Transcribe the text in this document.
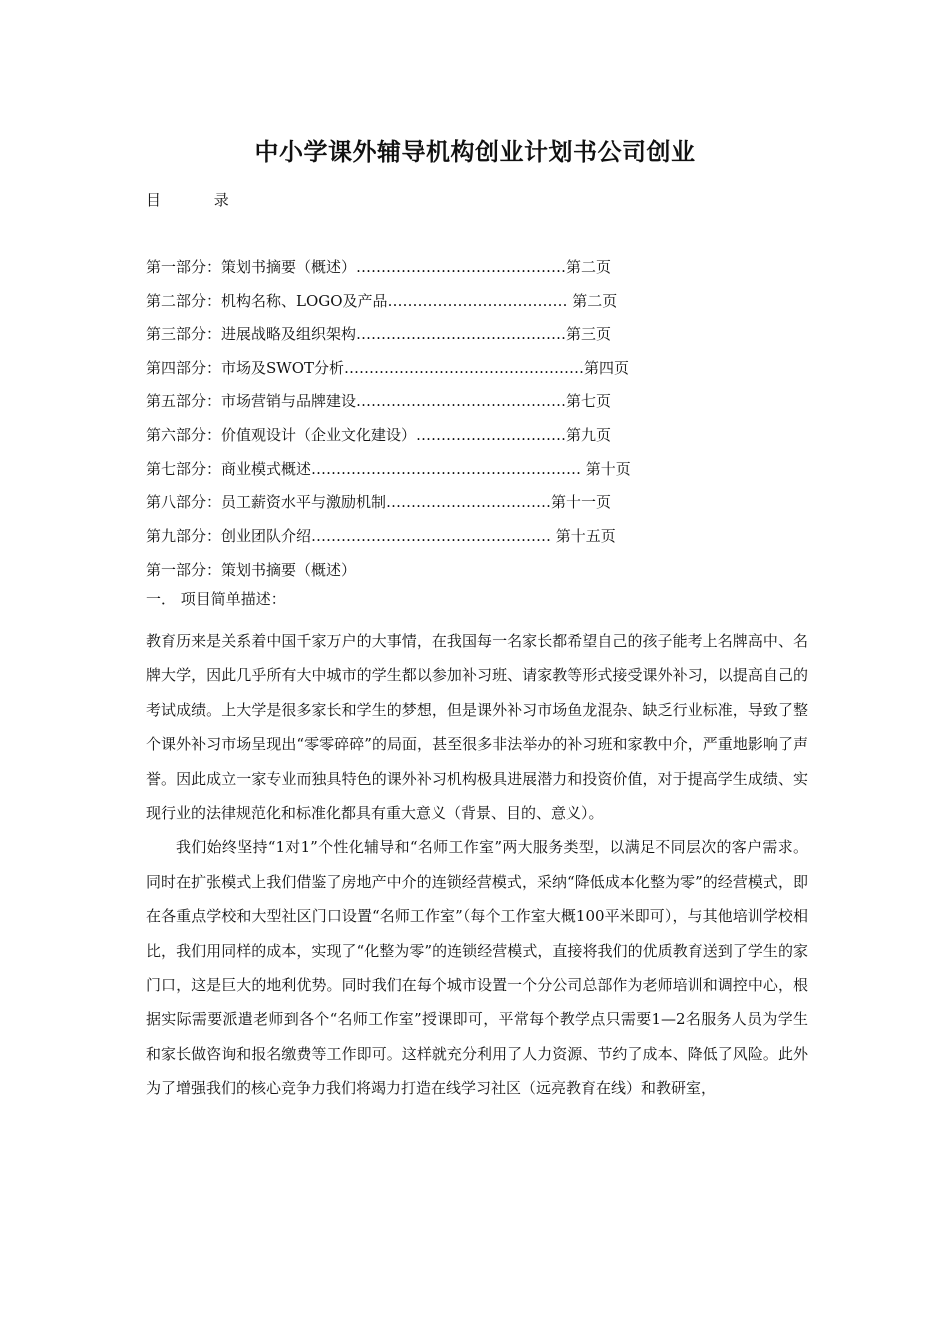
中小学课外辅导机构创业计划书公司创业
目 录
第一部分：策划书摘要（概述）……………………………………第二页
第二部分：机构名称、LOGO及产品……………………………… 第二页
第三部分：进展战略及组织架构……………………………………第三页
第四部分：市场及SWOT分析…………………………………………第四页
第五部分：市场营销与品牌建设……………………………………第七页
第六部分：价值观设计（企业文化建设）…………………………第九页
第七部分：商业模式概述……………………………………………… 第十页
第八部分：员工薪资水平与激励机制……………………………第十一页
第九部分：创业团队介绍………………………………………… 第十五页
第一部分：策划书摘要（概述）
一． 项目简单描述：

教育历来是关系着中国千家万户的大事情，在我国每一名家长都希望自己的孩子能考上名牌高中、名牌大学，因此几乎所有大中城市的学生都以参加补习班、请家教等形式接受课外补习，以提高自己的考试成绩。上大学是很多家长和学生的梦想，但是课外补习市场鱼龙混杂、缺乏行业标准，导致了整个课外补习市场呈现出“零零碎碎”的局面，甚至很多非法举办的补习班和家教中介，严重地影响了声誉。因此成立一家专业而独具特色的课外补习机构极具进展潜力和投资价值，对于提高学生成绩、实现行业的法律规范化和标准化都具有重大意义（背景、目的、意义）。

我们始终坚持“1对1”个性化辅导和“名师工作室”两大服务类型，以满足不同层次的客户需求。同时在扩张模式上我们借鉴了房地产中介的连锁经营模式，采纳“降低成本化整为零”的经营模式，即在各重点学校和大型社区门口设置“名师工作室”（每个工作室大概100平米即可），与其他培训学校相比，我们用同样的成本，实现了“化整为零”的连锁经营模式，直接将我们的优质教育送到了学生的家门口，这是巨大的地利优势。同时我们在每个城市设置一个分公司总部作为老师培训和调控中心，根据实际需要派遣老师到各个“名师工作室”授课即可，平常每个教学点只需要1—2名服务人员为学生和家长做咨询和报名缴费等工作即可。这样就充分利用了人力资源、节约了成本、降低了风险。此外为了增强我们的核心竞争力我们将竭力打造在线学习社区（远亮教育在线）和教研室，
